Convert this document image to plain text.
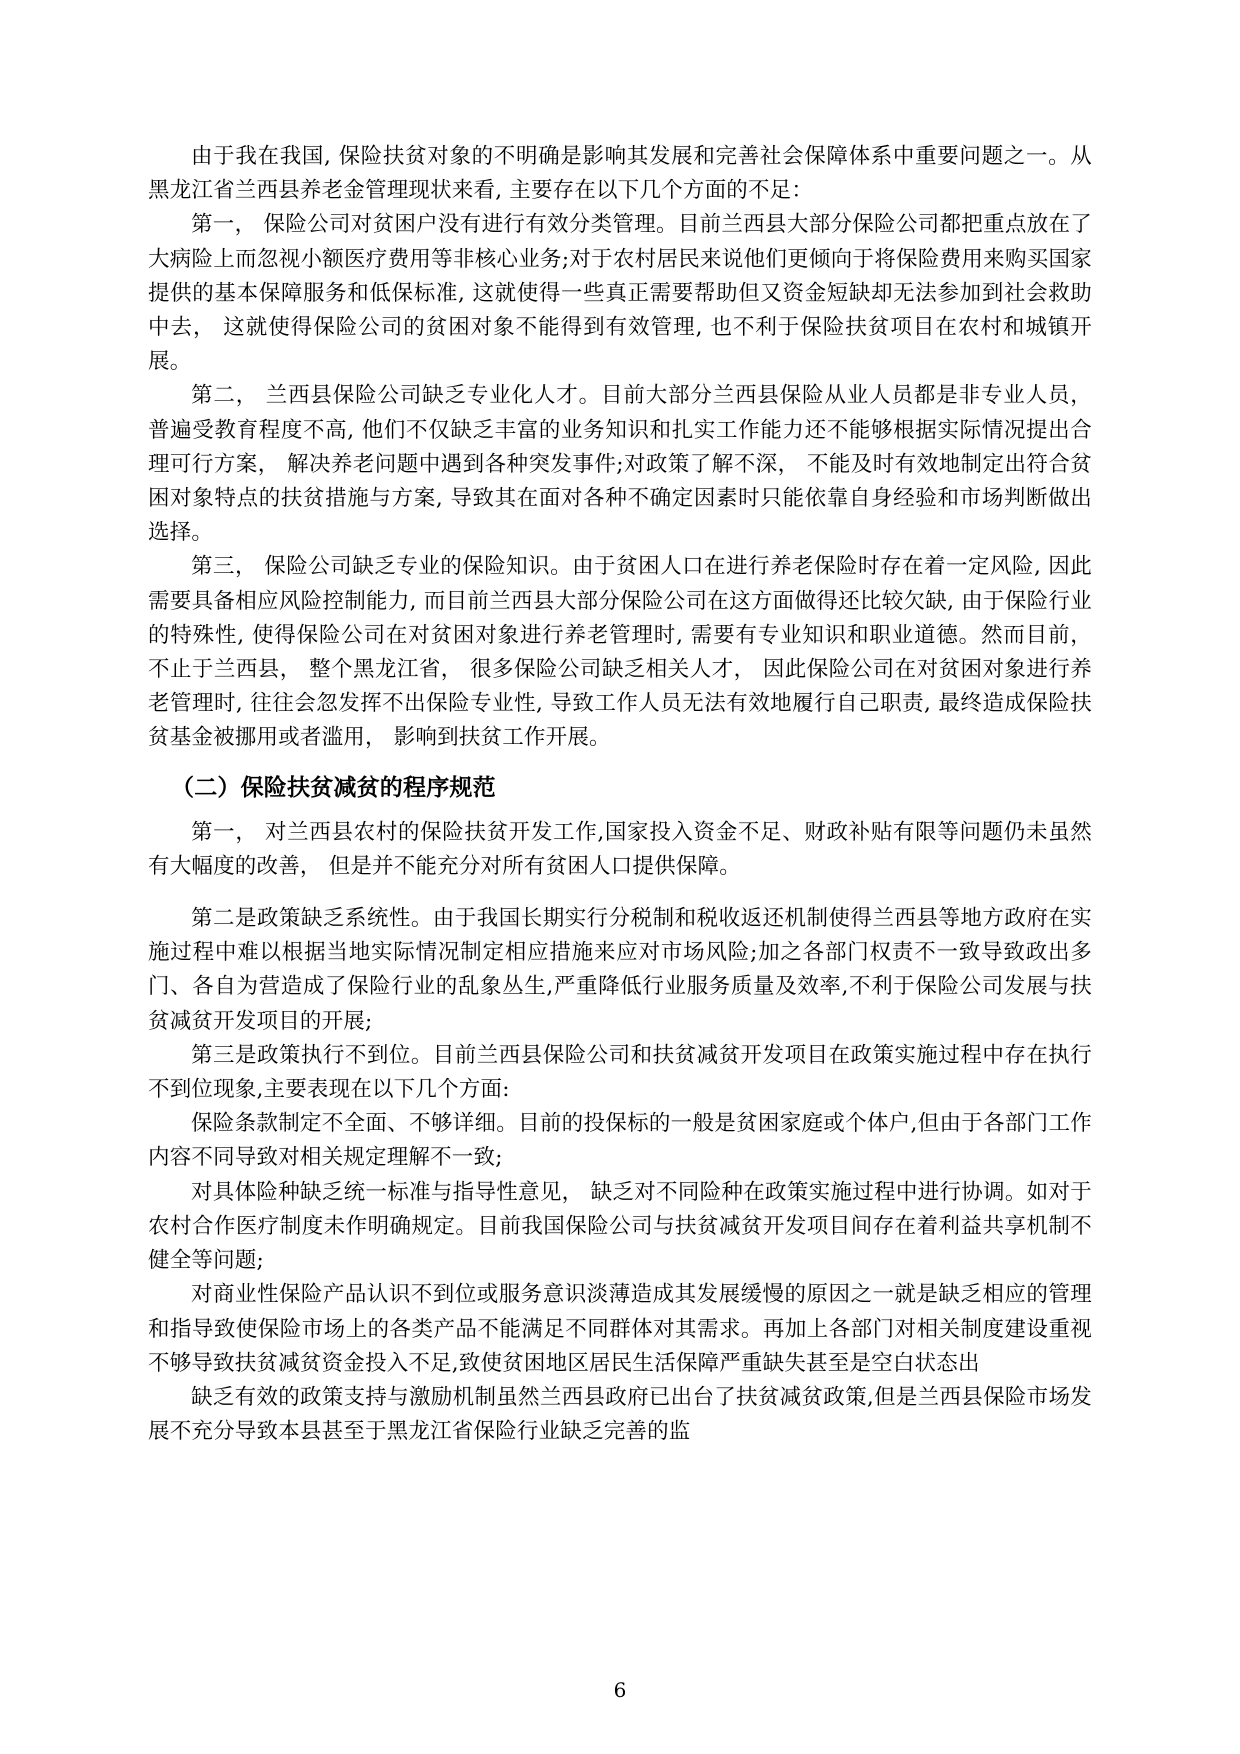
由于我在我国, 保险扶贫对象的不明确是影响其发展和完善社会保障体系中重要问题之一。从黑龙江省兰西县养老金管理现状来看, 主要存在以下几个方面的不足：

第一， 保险公司对贫困户没有进行有效分类管理。目前兰西县大部分保险公司都把重点放在了大病险上而忽视小额医疗费用等非核心业务;对于农村居民来说他们更倾向于将保险费用来购买国家提供的基本保障服务和低保标准, 这就使得一些真正需要帮助但又资金短缺却无法参加到社会救助中去， 这就使得保险公司的贫困对象不能得到有效管理, 也不利于保险扶贫项目在农村和城镇开展。

第二， 兰西县保险公司缺乏专业化人才。目前大部分兰西县保险从业人员都是非专业人员， 普遍受教育程度不高, 他们不仅缺乏丰富的业务知识和扎实工作能力还不能够根据实际情况提出合理可行方案， 解决养老问题中遇到各种突发事件;对政策了解不深， 不能及时有效地制定出符合贫困对象特点的扶贫措施与方案, 导致其在面对各种不确定因素时只能依靠自身经验和市场判断做出选择。

第三， 保险公司缺乏专业的保险知识。由于贫困人口在进行养老保险时存在着一定风险, 因此需要具备相应风险控制能力, 而目前兰西县大部分保险公司在这方面做得还比较欠缺, 由于保险行业的特殊性, 使得保险公司在对贫困对象进行养老管理时, 需要有专业知识和职业道德。然而目前， 不止于兰西县， 整个黑龙江省， 很多保险公司缺乏相关人才， 因此保险公司在对贫困对象进行养老管理时, 往往会忽发挥不出保险专业性, 导致工作人员无法有效地履行自己职责, 最终造成保险扶贫基金被挪用或者滥用， 影响到扶贫工作开展。

（二）保险扶贫减贫的程序规范

第一， 对兰西县农村的保险扶贫开发工作,国家投入资金不足、财政补贴有限等问题仍未虽然有大幅度的改善， 但是并不能充分对所有贫困人口提供保障。

第二是政策缺乏系统性。由于我国长期实行分税制和税收返还机制使得兰西县等地方政府在实施过程中难以根据当地实际情况制定相应措施来应对市场风险;加之各部门权责不一致导致政出多门、各自为营造成了保险行业的乱象丛生,严重降低行业服务质量及效率,不利于保险公司发展与扶贫减贫开发项目的开展;

第三是政策执行不到位。目前兰西县保险公司和扶贫减贫开发项目在政策实施过程中存在执行不到位现象,主要表现在以下几个方面:

保险条款制定不全面、不够详细。目前的投保标的一般是贫困家庭或个体户,但由于各部门工作内容不同导致对相关规定理解不一致;

对具体险种缺乏统一标准与指导性意见， 缺乏对不同险种在政策实施过程中进行协调。如对于农村合作医疗制度未作明确规定。目前我国保险公司与扶贫减贫开发项目间存在着利益共享机制不健全等问题;

对商业性保险产品认识不到位或服务意识淡薄造成其发展缓慢的原因之一就是缺乏相应的管理和指导致使保险市场上的各类产品不能满足不同群体对其需求。再加上各部门对相关制度建设重视不够导致扶贫减贫资金投入不足,致使贫困地区居民生活保障严重缺失甚至是空白状态出

缺乏有效的政策支持与激励机制虽然兰西县政府已出台了扶贫减贫政策,但是兰西县保险市场发展不充分导致本县甚至于黑龙江省保险行业缺乏完善的监

6
